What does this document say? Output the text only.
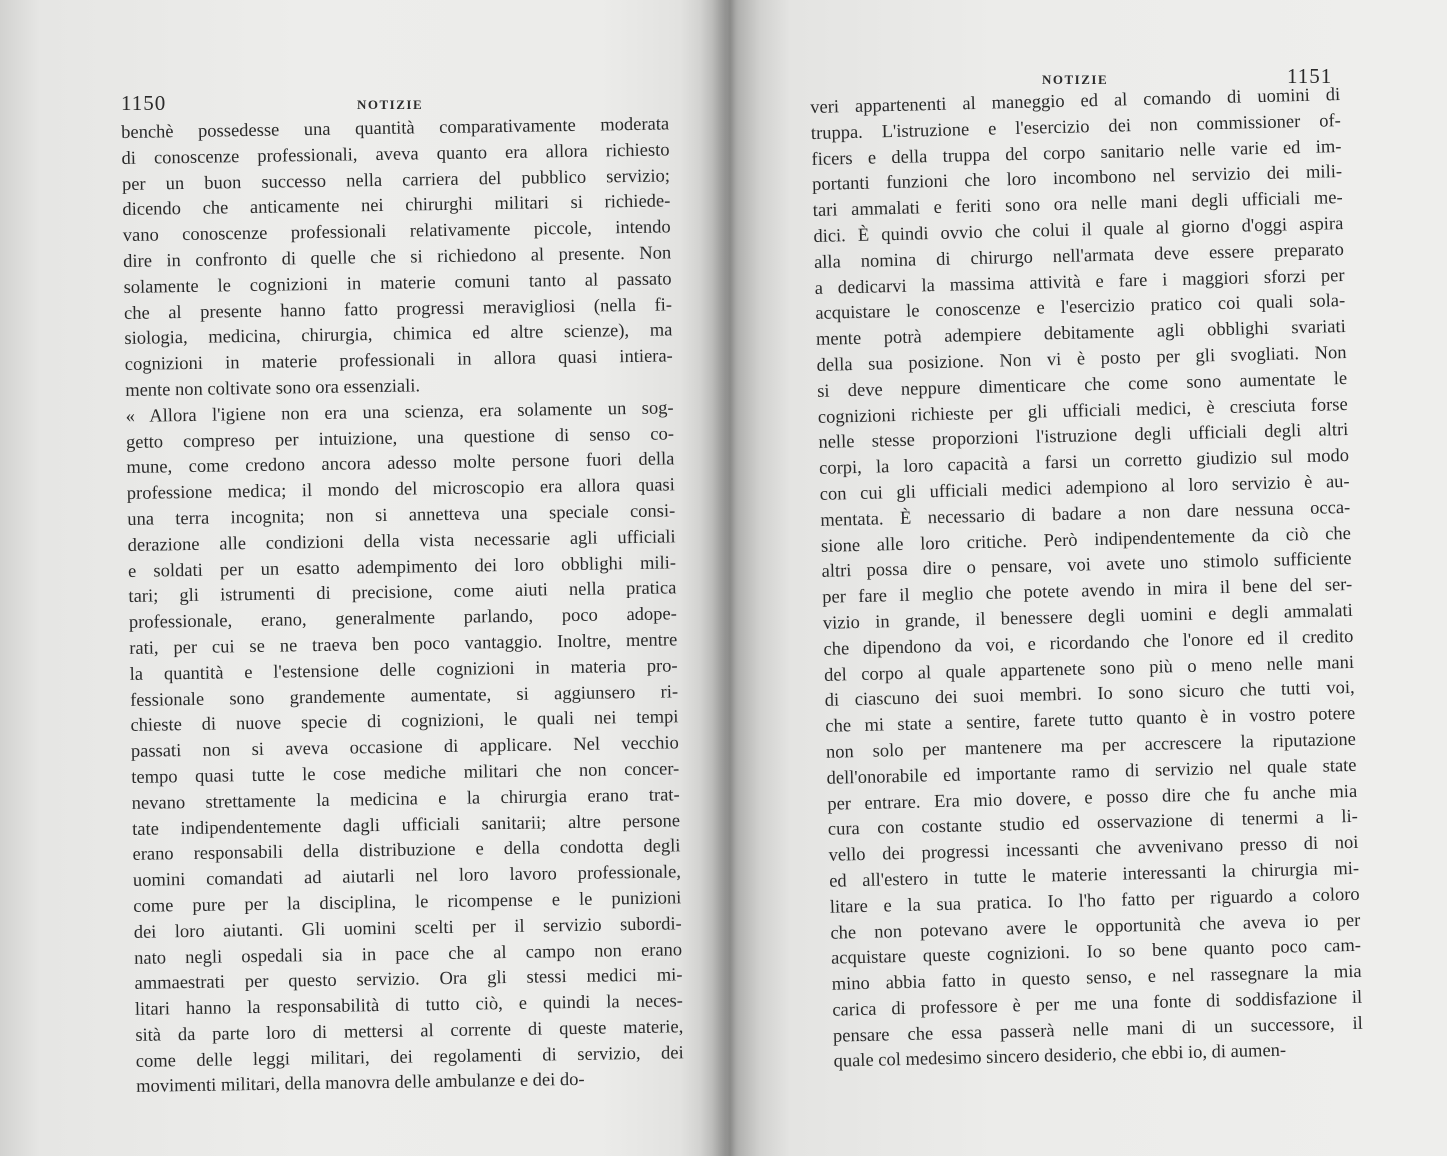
1150	NOTIZIE
benchè possedesse una quantità comparativamente moderata
di conoscenze professionali, aveva quanto era allora richiesto
per un buon successo nella carriera del pubblico servizio;
dicendo che anticamente nei chirurghi militari si richiede-
vano conoscenze professionali relativamente piccole, intendo
dire in confronto di quelle che si richiedono al presente. Non
solamente le cognizioni in materie comuni tanto al passato
che al presente hanno fatto progressi meravigliosi (nella fi-
siologia, medicina, chirurgia, chimica ed altre scienze), ma
cognizioni in materie professionali in allora quasi intiera-
mente non coltivate sono ora essenziali.
« Allora l'igiene non era una scienza, era solamente un sog-
getto compreso per intuizione, una questione di senso co-
mune, come credono ancora adesso molte persone fuori della
professione medica; il mondo del microscopio era allora quasi
una terra incognita; non si annetteva una speciale consi-
derazione alle condizioni della vista necessarie agli ufficiali
e soldati per un esatto adempimento dei loro obblighi mili-
tari; gli istrumenti di precisione, come aiuti nella pratica
professionale, erano, generalmente parlando, poco adope-
rati, per cui se ne traeva ben poco vantaggio. Inoltre, mentre
la quantità e l'estensione delle cognizioni in materia pro-
fessionale sono grandemente aumentate, si aggiunsero ri-
chieste di nuove specie di cognizioni, le quali nei tempi
passati non si aveva occasione di applicare. Nel vecchio
tempo quasi tutte le cose mediche militari che non concer-
nevano strettamente la medicina e la chirurgia erano trat-
tate indipendentemente dagli ufficiali sanitarii; altre persone
erano responsabili della distribuzione e della condotta degli
uomini comandati ad aiutarli nel loro lavoro professionale,
come pure per la disciplina, le ricompense e le punizioni
dei loro aiutanti. Gli uomini scelti per il servizio subordi-
nato negli ospedali sia in pace che al campo non erano
ammaestrati per questo servizio. Ora gli stessi medici mi-
litari hanno la responsabilità di tutto ciò, e quindi la neces-
sità da parte loro di mettersi al corrente di queste materie,
come delle leggi militari, dei regolamenti di servizio, dei
movimenti militari, della manovra delle ambulanze e dei do-
NOTIZIE	1151
veri appartenenti al maneggio ed al comando di uomini di
truppa. L'istruzione e l'esercizio dei non commissioner of-
ficers e della truppa del corpo sanitario nelle varie ed im-
portanti funzioni che loro incombono nel servizio dei mili-
tari ammalati e feriti sono ora nelle mani degli ufficiali me-
dici. È quindi ovvio che colui il quale al giorno d'oggi aspira
alla nomina di chirurgo nell'armata deve essere preparato
a dedicarvi la massima attività e fare i maggiori sforzi per
acquistare le conoscenze e l'esercizio pratico coi quali sola-
mente potrà adempiere debitamente agli obblighi svariati
della sua posizione. Non vi è posto per gli svogliati. Non
si deve neppure dimenticare che come sono aumentate le
cognizioni richieste per gli ufficiali medici, è cresciuta forse
nelle stesse proporzioni l'istruzione degli ufficiali degli altri
corpi, la loro capacità a farsi un corretto giudizio sul modo
con cui gli ufficiali medici adempiono al loro servizio è au-
mentata. È necessario di badare a non dare nessuna occa-
sione alle loro critiche. Però indipendentemente da ciò che
altri possa dire o pensare, voi avete uno stimolo sufficiente
per fare il meglio che potete avendo in mira il bene del ser-
vizio in grande, il benessere degli uomini e degli ammalati
che dipendono da voi, e ricordando che l'onore ed il credito
del corpo al quale appartenete sono più o meno nelle mani
di ciascuno dei suoi membri. Io sono sicuro che tutti voi,
che mi state a sentire, farete tutto quanto è in vostro potere
non solo per mantenere ma per accrescere la riputazione
dell'onorabile ed importante ramo di servizio nel quale state
per entrare. Era mio dovere, e posso dire che fu anche mia
cura con costante studio ed osservazione di tenermi a li-
vello dei progressi incessanti che avvenivano presso di noi
ed all'estero in tutte le materie interessanti la chirurgia mi-
litare e la sua pratica. Io l'ho fatto per riguardo a coloro
che non potevano avere le opportunità che aveva io per
acquistare queste cognizioni. Io so bene quanto poco cam-
mino abbia fatto in questo senso, e nel rassegnare la mia
carica di professore è per me una fonte di soddisfazione il
pensare che essa passerà nelle mani di un successore, il
quale col medesimo sincero desiderio, che ebbi io, di aumen-
